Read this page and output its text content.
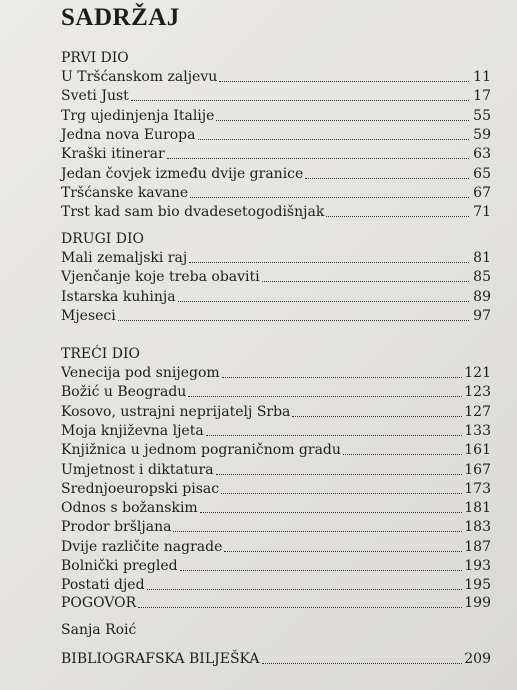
SADRŽAJ
PRVI DIO
U Tršćanskom zaljevu	11
Sveti Just	17
Trg ujedinjenja Italije	55
Jedna nova Europa	59
Kraški itinerar	63
Jedan čovjek između dvije granice	65
Tršćanske kavane	67
Trst kad sam bio dvadesetogodišnjak	71
DRUGI DIO
Mali zemaljski raj	81
Vjenčanje koje treba obaviti	85
Istarska kuhinja	89
Mjeseci	97
TREĆI DIO
Venecija pod snijegom	121
Božić u Beogradu	123
Kosovo, ustrajni neprijatelj Srba	127
Moja književna ljeta	133
Knjižnica u jednom pograničnom gradu	161
Umjetnost i diktatura	167
Srednjoeuropski pisac	173
Odnos s božanskim	181
Prodor bršljana	183
Dvije različite nagrade	187
Bolnički pregled	193
Postati djed	195
POGOVOR	199
Sanja Roić
BIBLIOGRAFSKA BILJEŠKA	209
